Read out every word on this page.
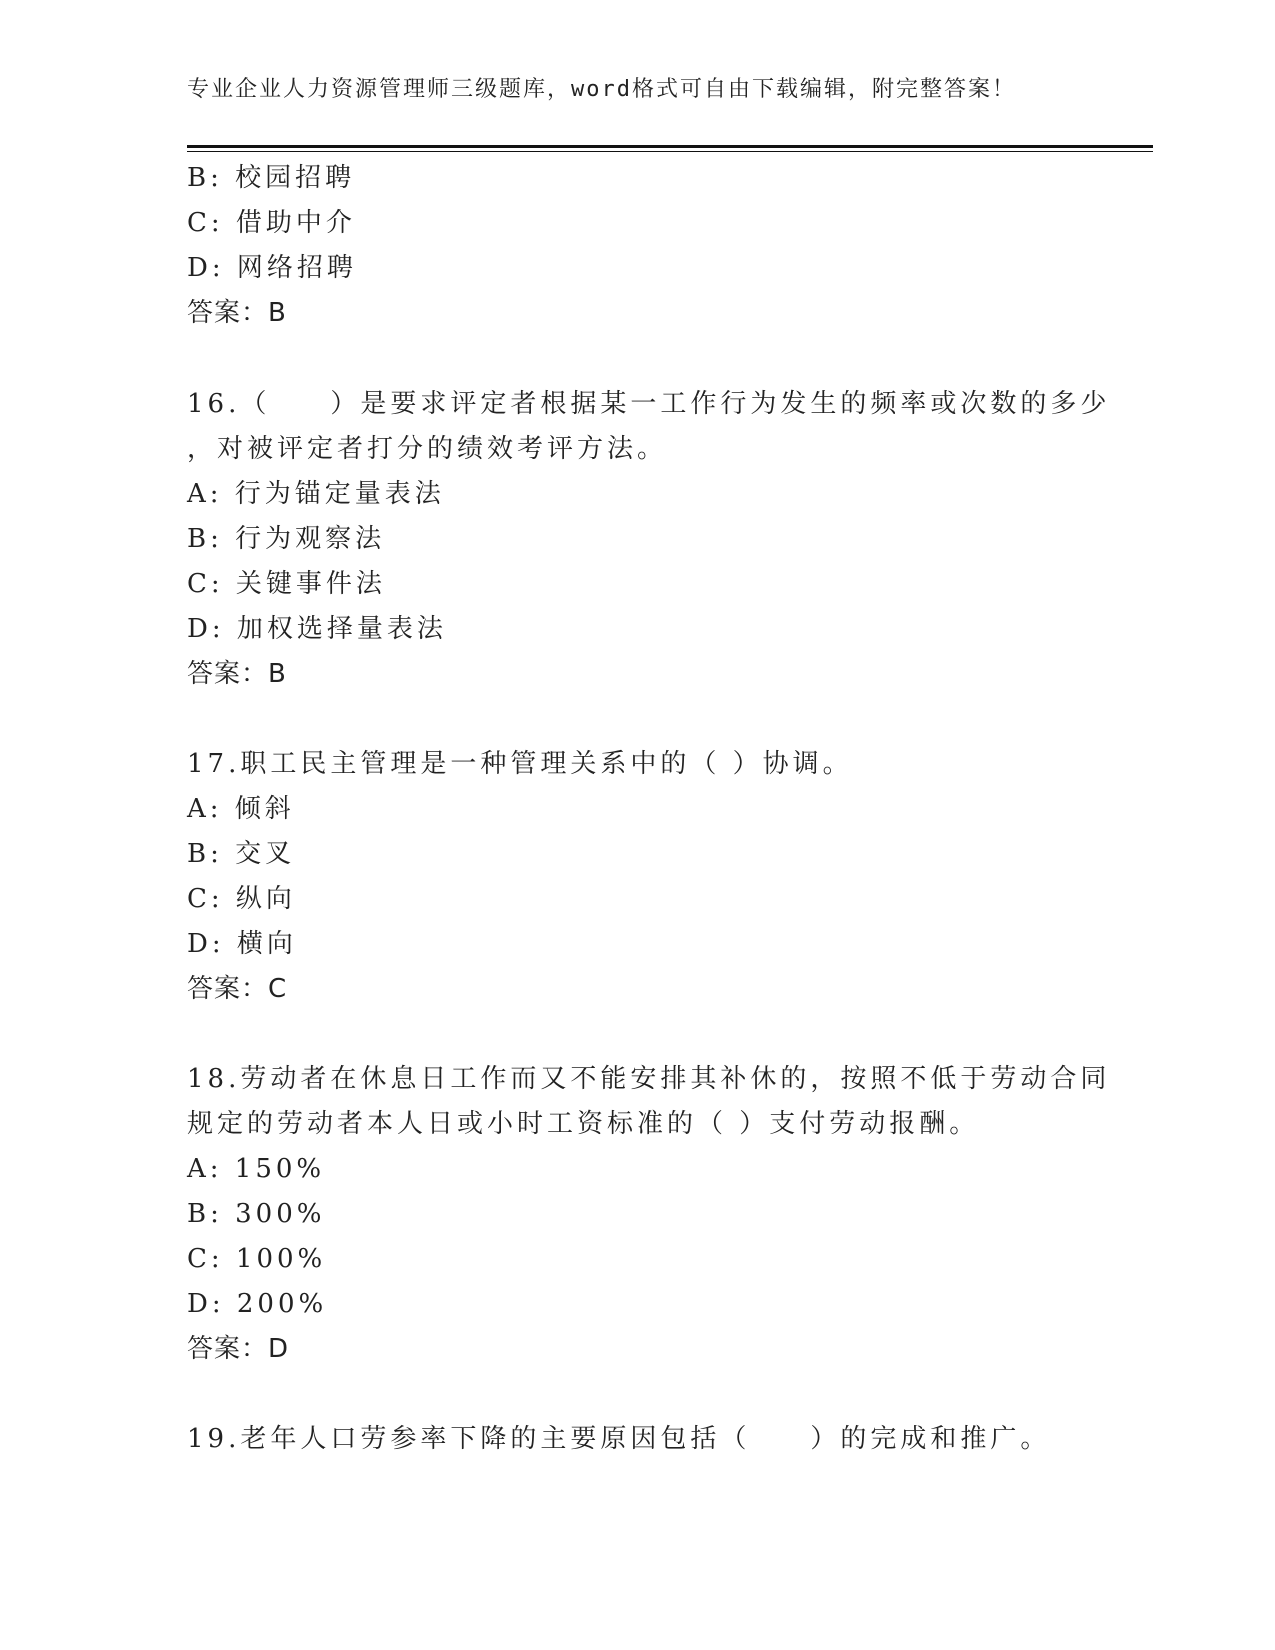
专业企业人力资源管理师三级题库，word格式可自由下载编辑，附完整答案！
B: 校园招聘
C: 借助中介
D: 网络招聘
答案：B
16.（　　）是要求评定者根据某一工作行为发生的频率或次数的多少
，对被评定者打分的绩效考评方法。
A: 行为锚定量表法
B: 行为观察法
C: 关键事件法
D: 加权选择量表法
答案：B
17.职工民主管理是一种管理关系中的（ ）协调。
A: 倾斜
B: 交叉
C: 纵向
D: 横向
答案：C
18.劳动者在休息日工作而又不能安排其补休的，按照不低于劳动合同
规定的劳动者本人日或小时工资标准的（ ）支付劳动报酬。
A: 150%
B: 300%
C: 100%
D: 200%
答案：D
19.老年人口劳参率下降的主要原因包括（　　）的完成和推广。
